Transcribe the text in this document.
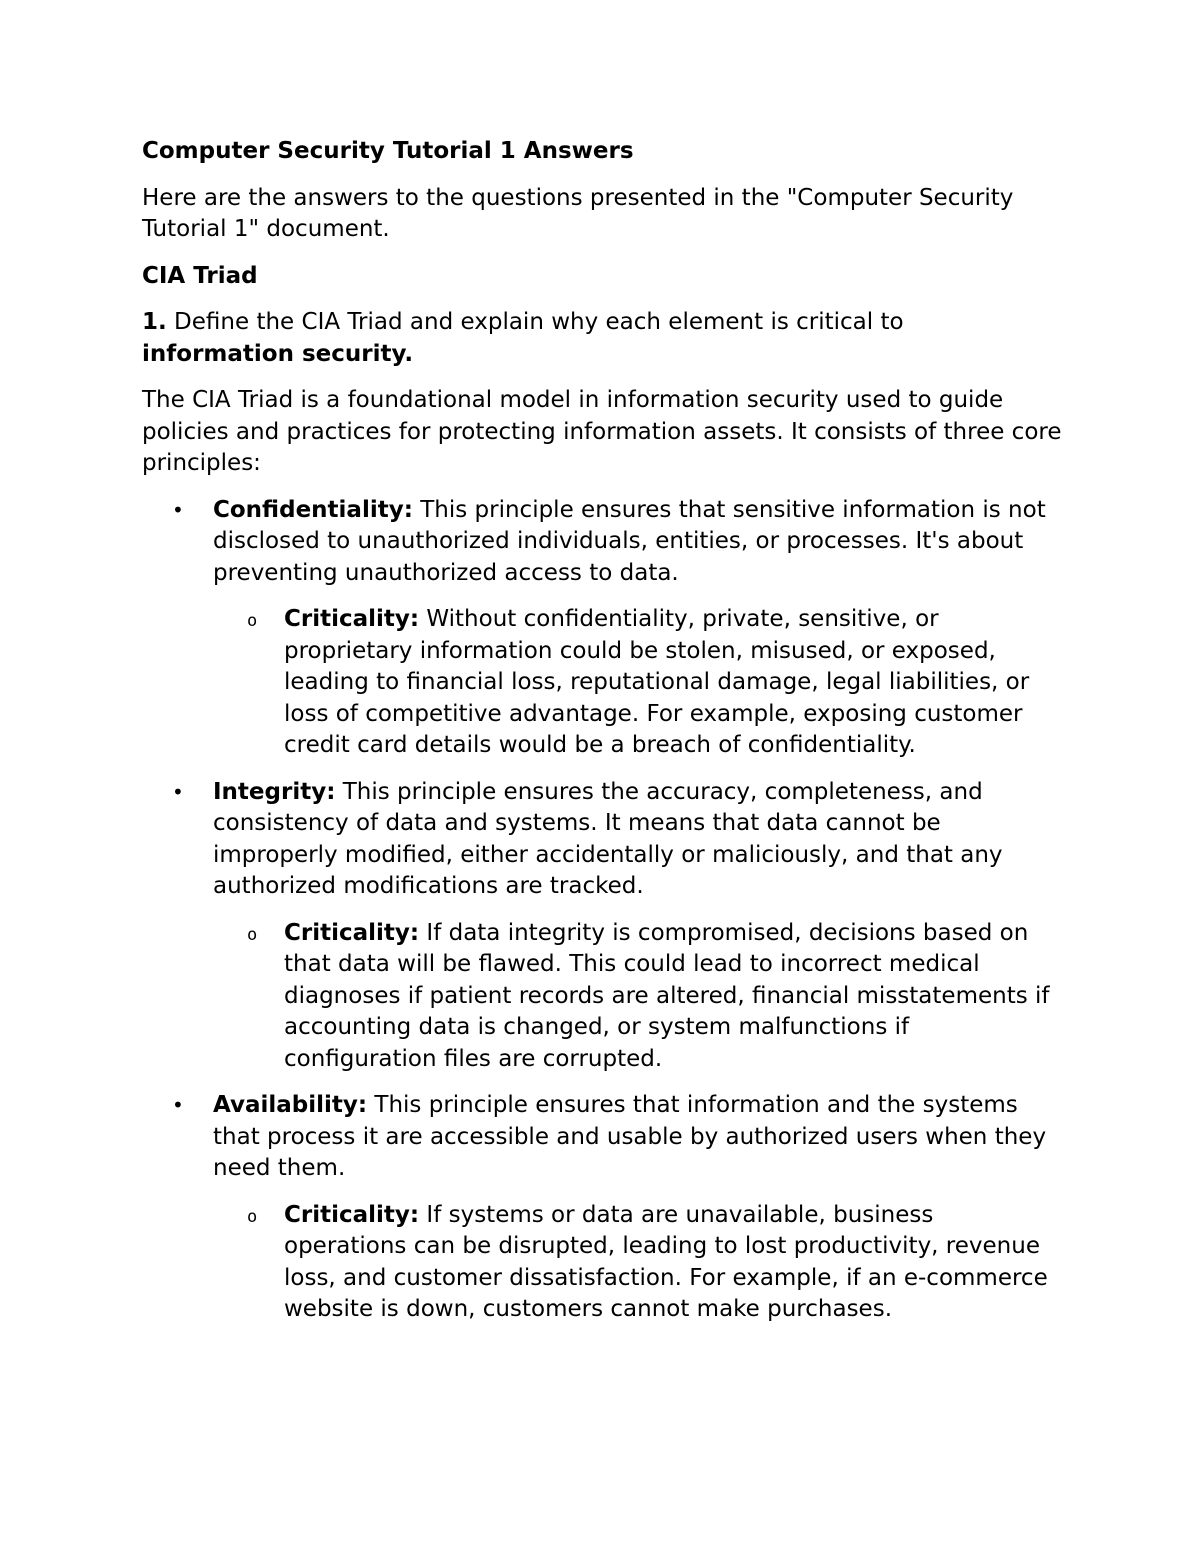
Computer Security Tutorial 1 Answers
Here are the answers to the questions presented in the "Computer Security Tutorial 1" document.
CIA Triad
1. Define the CIA Triad and explain why each element is critical to information security.
The CIA Triad is a foundational model in information security used to guide policies and practices for protecting information assets. It consists of three core principles:
• Confidentiality: This principle ensures that sensitive information is not disclosed to unauthorized individuals, entities, or processes. It's about preventing unauthorized access to data.
o Criticality: Without confidentiality, private, sensitive, or proprietary information could be stolen, misused, or exposed, leading to financial loss, reputational damage, legal liabilities, or loss of competitive advantage. For example, exposing customer credit card details would be a breach of confidentiality.
• Integrity: This principle ensures the accuracy, completeness, and consistency of data and systems. It means that data cannot be improperly modified, either accidentally or maliciously, and that any authorized modifications are tracked.
o Criticality: If data integrity is compromised, decisions based on that data will be flawed. This could lead to incorrect medical diagnoses if patient records are altered, financial misstatements if accounting data is changed, or system malfunctions if configuration files are corrupted.
• Availability: This principle ensures that information and the systems that process it are accessible and usable by authorized users when they need them.
o Criticality: If systems or data are unavailable, business operations can be disrupted, leading to lost productivity, revenue loss, and customer dissatisfaction. For example, if an e-commerce website is down, customers cannot make purchases.
